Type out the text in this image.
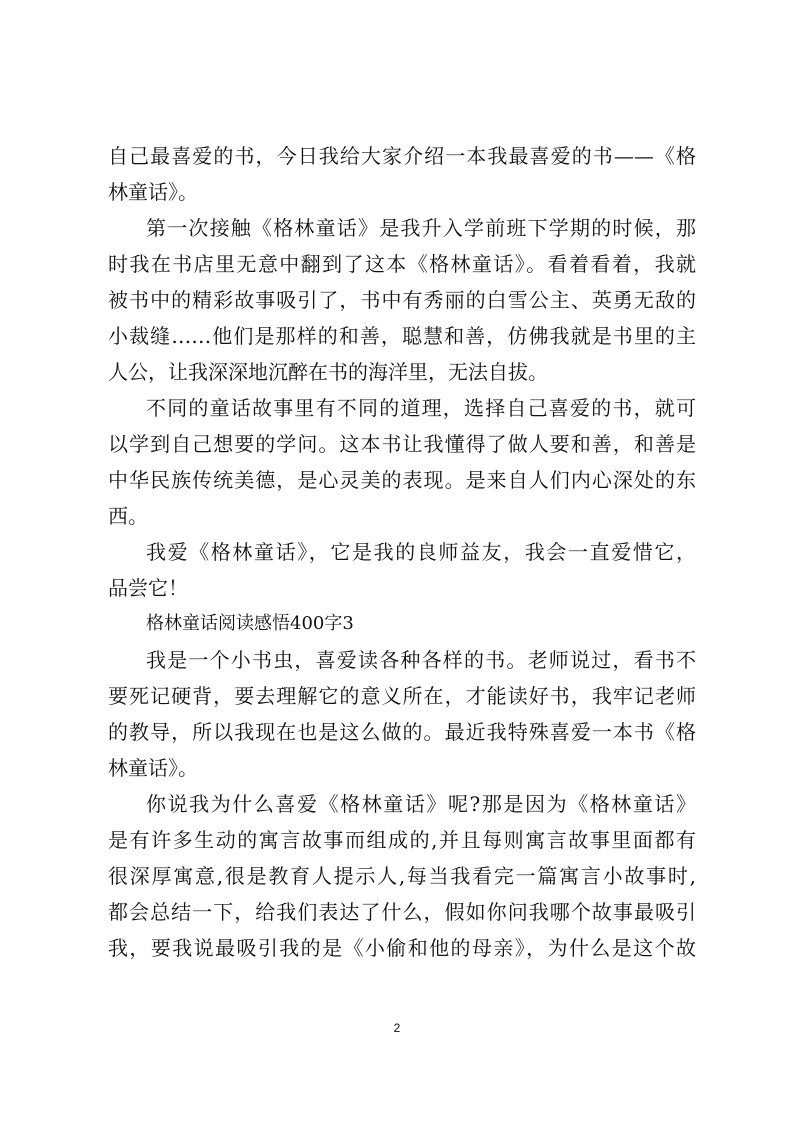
自己最喜爱的书，今日我给大家介绍一本我最喜爱的书——《格
林童话》。
第一次接触《格林童话》是我升入学前班下学期的时候，那
时我在书店里无意中翻到了这本《格林童话》。看着看着，我就
被书中的精彩故事吸引了，书中有秀丽的白雪公主、英勇无敌的
小裁缝……他们是那样的和善，聪慧和善，仿佛我就是书里的主
人公，让我深深地沉醉在书的海洋里，无法自拔。
不同的童话故事里有不同的道理，选择自己喜爱的书，就可
以学到自己想要的学问。这本书让我懂得了做人要和善，和善是
中华民族传统美德，是心灵美的表现。是来自人们内心深处的东
西。
我爱《格林童话》，它是我的良师益友，我会一直爱惜它，
品尝它！
格林童话阅读感悟400字3
我是一个小书虫，喜爱读各种各样的书。老师说过，看书不
要死记硬背，要去理解它的意义所在，才能读好书，我牢记老师
的教导，所以我现在也是这么做的。最近我特殊喜爱一本书《格
林童话》。
你说我为什么喜爱《格林童话》呢?那是因为《格林童话》
是有许多生动的寓言故事而组成的,并且每则寓言故事里面都有
很深厚寓意,很是教育人提示人,每当我看完一篇寓言小故事时,
都会总结一下，给我们表达了什么，假如你问我哪个故事最吸引
我，要我说最吸引我的是《小偷和他的母亲》，为什么是这个故
2
